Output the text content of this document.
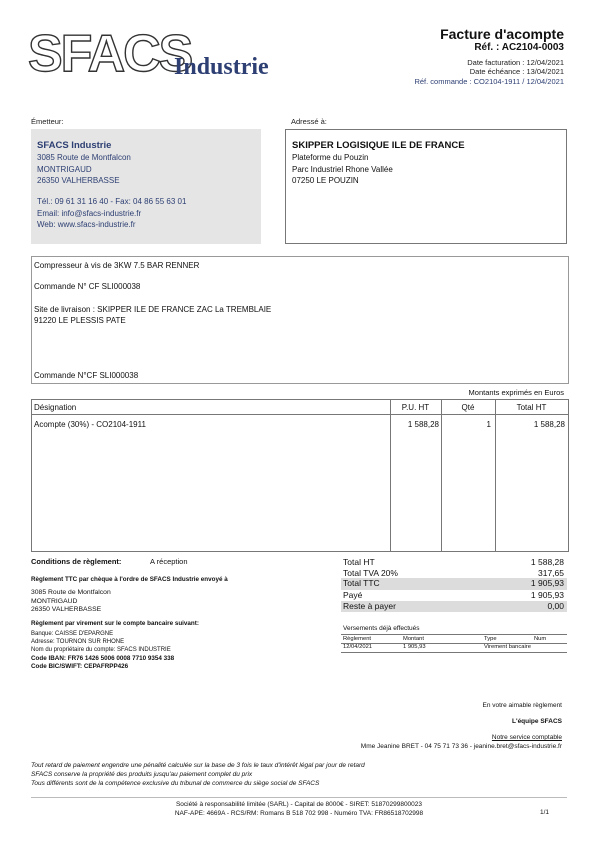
SFACS
Industrie
Facture d'acompte
Réf. : AC2104-0003
Date facturation : 12/04/2021
Date échéance : 13/04/2021
Réf. commande : CO2104-1911 / 12/04/2021
Émetteur:
SFACS Industrie
3085 Route de Montfalcon
MONTRIGAUD
26350 VALHERBASSE
Tél.: 09 61 31 16 40 - Fax: 04 86 55 63 01
Email: info@sfacs-industrie.fr
Web: www.sfacs-industrie.fr
Adressé à:
SKIPPER LOGISIQUE ILE DE FRANCE
Plateforme du Pouzin
Parc Industriel Rhone Vallée
07250 LE POUZIN
Compresseur à vis de 3KW 7.5 BAR RENNER
Commande N° CF SLI000038
Site de livraison : SKIPPER ILE DE FRANCE ZAC La TREMBLAIE
91220 LE PLESSIS PATE
Commande N°CF SLI000038
Montants exprimés en Euros
Désignation	P.U. HT	Qté	Total HT
Acompte (30%) - CO2104-1911	1 588,28	1	1 588,28
Conditions de règlement:	A réception
Règlement TTC par chèque à l'ordre de SFACS Industrie envoyé à
3085 Route de Montfalcon
MONTRIGAUD
26350 VALHERBASSE
Règlement par virement sur le compte bancaire suivant:
Banque: CAISSE D'EPARGNE
Adresse: TOURNON SUR RHONE
Nom du propriétaire du compte: SFACS INDUSTRIE
Code IBAN: FR76 1426 5006 0008 7710 9354 338
Code BIC/SWIFT: CEPAFRPP426
Total HT	1 588,28
Total TVA 20%	317,65
Total TTC	1 905,93
Payé	1 905,93
Reste à payer	0,00
Versements déjà effectués
Règlement	Montant	Type	Num
12/04/2021	1 905,93	Virement bancaire
En votre aimable règlement
L'équipe SFACS
Notre service comptable
Mme Jeanine BRET - 04 75 71 73 36 - jeanine.bret@sfacs-industrie.fr
Tout retard de paiement engendre une pénalité calculée sur la base de 3 fois le taux d'intérêt légal par jour de retard
SFACS conserve la propriété des produits jusqu'au paiement complet du prix
Tous différents sont de la compétence exclusive du tribunal de commerce du siège social de SFACS
Société à responsabilité limitée (SARL) - Capital de 8000€ - SIRET: 51870299800023
NAF-APE: 4669A - RCS/RM: Romans B 518 702 998 - Numéro TVA: FR86518702998	1/1
